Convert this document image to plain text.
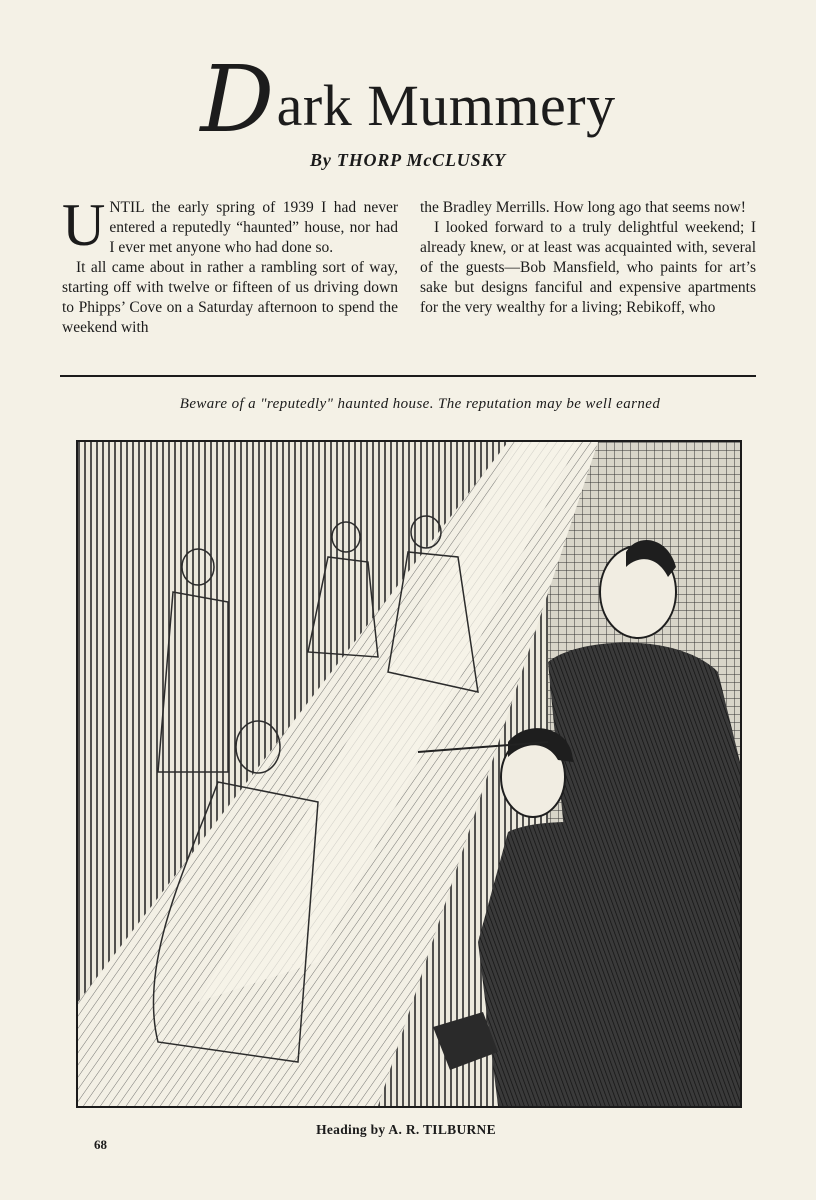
Dark Mummery
By THORP McCLUSKY

UNTIL the early spring of 1939 I had never entered a reputedly “haunted” house, nor had I ever met anyone who had done so.

It all came about in rather a rambling sort of way, starting off with twelve or fifteen of us driving down to Phipps’ Cove on a Saturday afternoon to spend the weekend with

the Bradley Merrills. How long ago that seems now!

I looked forward to a truly delightful weekend; I already knew, or at least was acquainted with, several of the guests—Bob Mansfield, who paints for art’s sake but designs fanciful and expensive apartments for the very wealthy for a living; Rebikoff, who

Beware of a "reputedly" haunted house. The reputation may be well earned
Heading by A. R. TILBURNE
68
